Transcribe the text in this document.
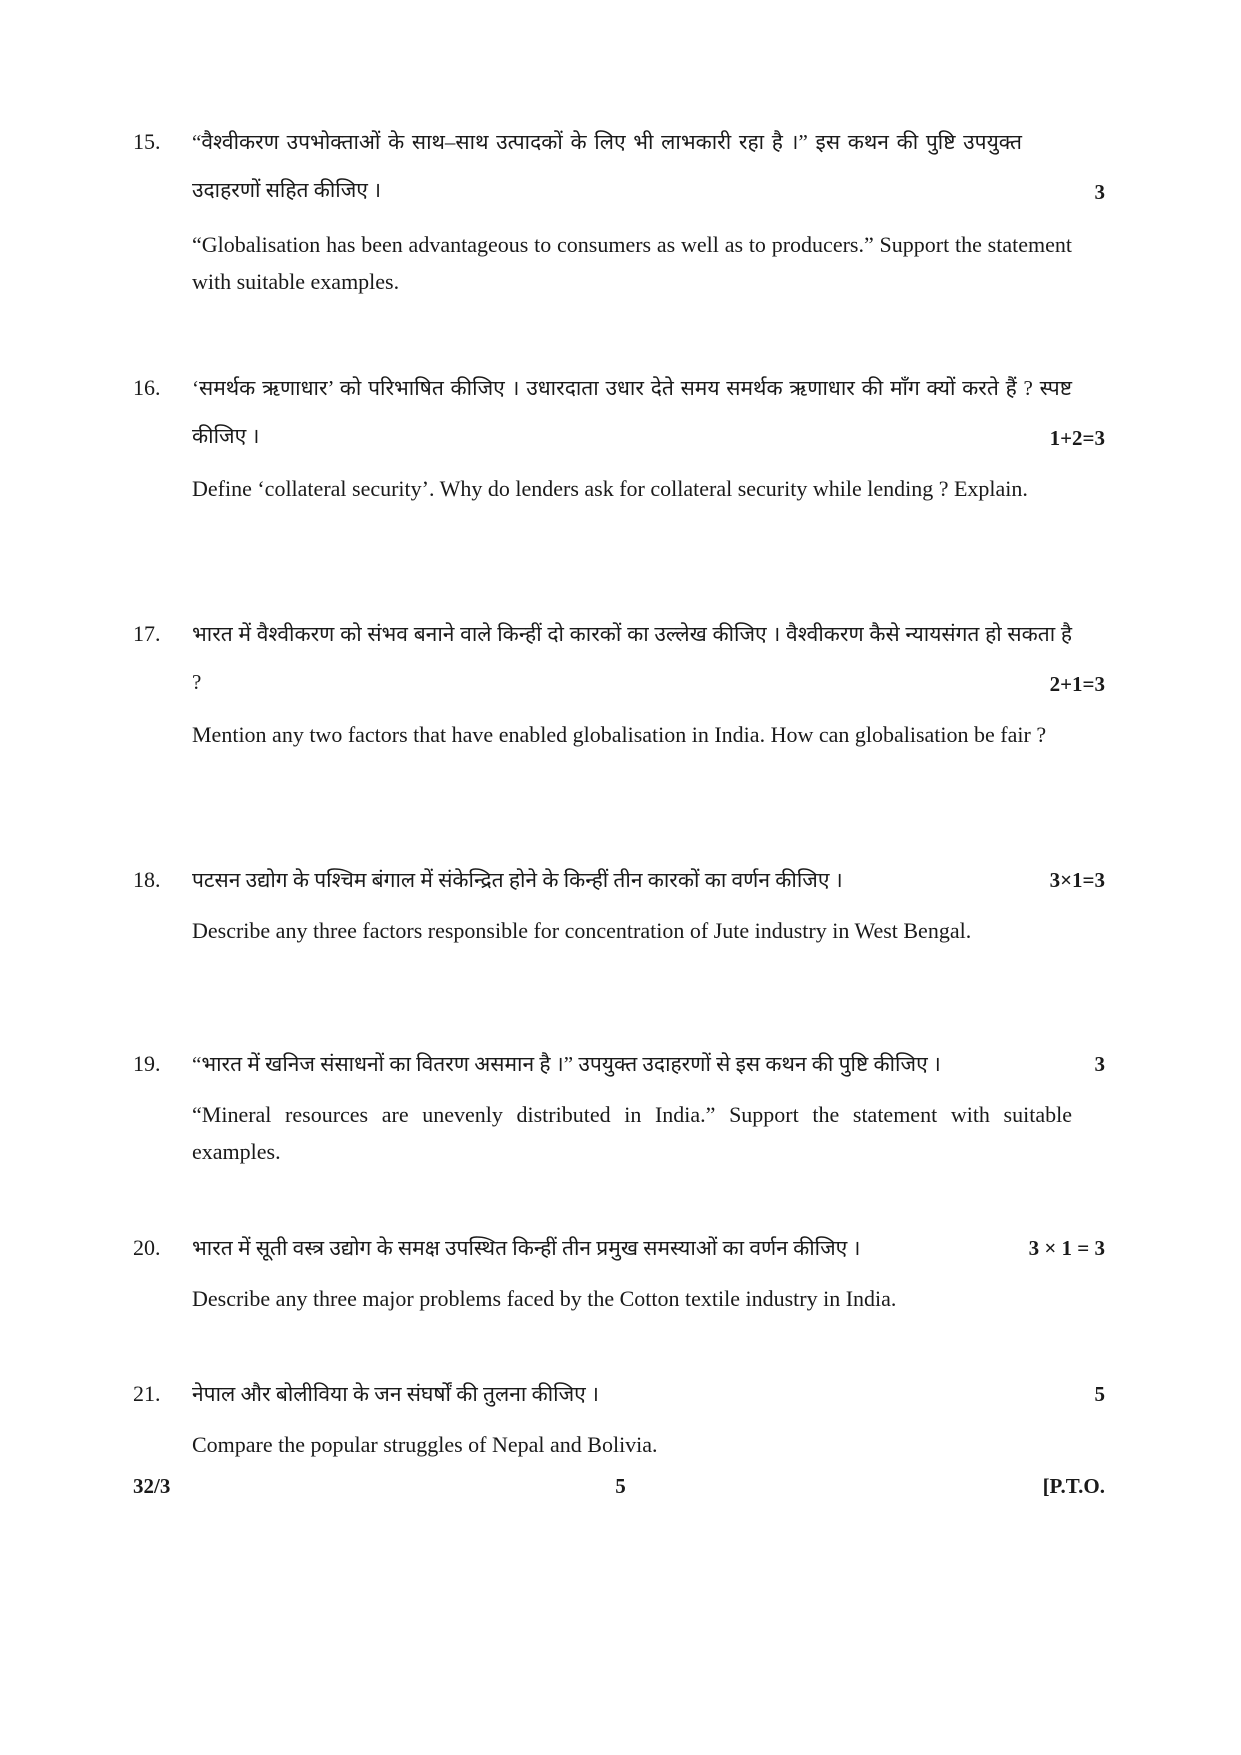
15. “वैश्वीकरण उपभोक्ताओं के साथ–साथ उत्पादकों के लिए भी लाभकारी रहा है ।” इस कथन की पुष्टि उपयुक्त उदाहरणों सहित कीजिए ।	3
“Globalisation has been advantageous to consumers as well as to producers.” Support the statement with suitable examples.
16. ‘समर्थक ऋणाधार’ को परिभाषित कीजिए । उधारदाता उधार देते समय समर्थक ऋणाधार की माँग क्यों करते हैं ? स्पष्ट कीजिए ।	1+2=3
Define ‘collateral security’. Why do lenders ask for collateral security while lending ? Explain.
17. भारत में वैश्वीकरण को संभव बनाने वाले किन्हीं दो कारकों का उल्लेख कीजिए । वैश्वीकरण कैसे न्यायसंगत हो सकता है ?	2+1=3
Mention any two factors that have enabled globalisation in India. How can globalisation be fair ?
18. पटसन उद्योग के पश्चिम बंगाल में संकेन्द्रित होने के किन्हीं तीन कारकों का वर्णन कीजिए ।	3×1=3
Describe any three factors responsible for concentration of Jute industry in West Bengal.
19. “भारत में खनिज संसाधनों का वितरण असमान है ।” उपयुक्त उदाहरणों से इस कथन की पुष्टि कीजिए ।	3
“Mineral resources are unevenly distributed in India.” Support the statement with suitable examples.
20. भारत में सूती वस्त्र उद्योग के समक्ष उपस्थित किन्हीं तीन प्रमुख समस्याओं का वर्णन कीजिए ।	3 × 1 = 3
Describe any three major problems faced by the Cotton textile industry in India.
21. नेपाल और बोलीविया के जन संघर्षों की तुलना कीजिए ।	5
Compare the popular struggles of Nepal and Bolivia.
32/3	5	[P.T.O.
